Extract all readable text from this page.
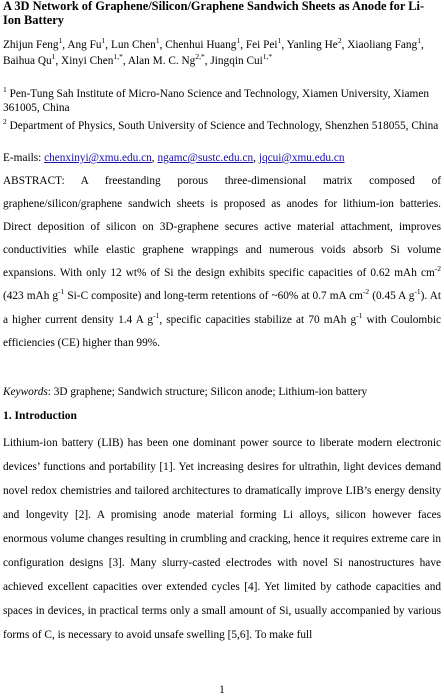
A 3D Network of Graphene/Silicon/Graphene Sandwich Sheets as Anode for Li-Ion Battery
Zhijun Feng$^1$, Ang Fu$^1$, Lun Chen$^1$, Chenhui Huang$^1$, Fei Pei$^1$, Yanling He$^2$, Xiaoliang Fang$^1$, Baihua Qu$^1$, Xinyi Chen$^{1,*}$, Alan M. C. $Ng^{2,*}$, Jingqin Cui$^{1,*}$
$^1$ Pen-Tung Sah Institute of Micro-Nano Science and Technology, Xiamen University, Xiamen 361005, China
$^2$ Department of Physics, South University of Science and Technology, Shenzhen 518055, China
E-mails: chenxinyi@xmu.edu.cn, ngamc@sustc.edu.cn, jqcui@xmu.edu.cn
ABSTRACT: A freestanding porous three-dimensional matrix composed of graphene/silicon/graphene sandwich sheets is proposed as anodes for lithium-ion batteries. Direct deposition of silicon on 3D-graphene secures active material attachment, improves conductivities while elastic graphene wrappings and numerous voids absorb Si volume expansions. With only 12 wt% of Si the design exhibits specific capacities of 0.62 mAh $cm^{-2}$ (423 mAh $g^{-1}$ Si-C composite) and long-term retentions of ~60% at 0.7 mA $cm^{-2}$ (0.45 A $g^{-1}$). At a higher current density 1.4 A $g^{-1}$, specific capacities stabilize at 70 mAh $g^{-1}$ with Coulombic efficiencies (CE) higher than 99%.
Keywords: 3D graphene; Sandwich structure; Silicon anode; Lithium-ion battery
1. Introduction
Lithium-ion battery (LIB) has been one dominant power source to liberate modern electronic devices’ functions and portability [1]. Yet increasing desires for ultrathin, light devices demand novel redox chemistries and tailored architectures to dramatically improve LIB’s energy density and longevity [2]. A promising anode material forming Li alloys, silicon however faces enormous volume changes resulting in crumbling and cracking, hence it requires extreme care in configuration designs [3]. Many slurry-casted electrodes with novel Si nanostructures have achieved excellent capacities over extended cycles [4]. Yet limited by cathode capacities and spaces in devices, in practical terms only a small amount of Si, usually accompanied by various forms of C, is necessary to avoid unsafe swelling [5,6]. To make full
1
